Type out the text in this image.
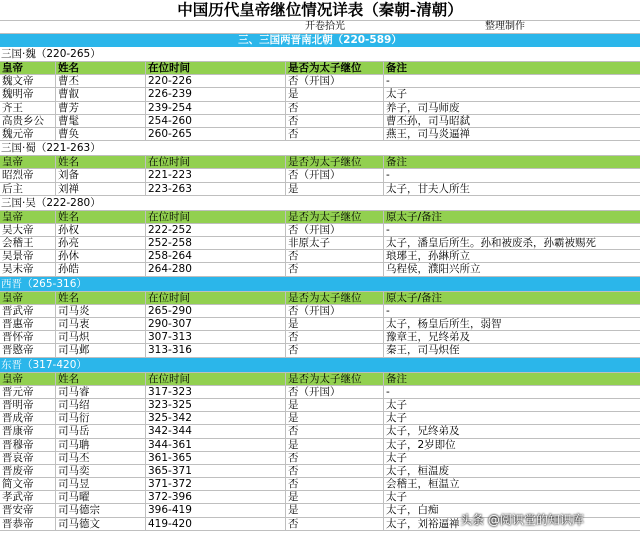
中国历代皇帝继位情况详表（秦朝-清朝）
开卷拾光	整理制作
三、三国两晋南北朝（220-589）
三国·魏（220-265）
皇帝	姓名	在位时间	是否为太子继位	备注
魏文帝	曹丕	220-226	否（开国）	-
魏明帝	曹叡	226-239	是	太子
齐王	曹芳	239-254	否	养子，司马师废
高贵乡公	曹髦	254-260	否	曹丕孙，司马昭弑
魏元帝	曹奂	260-265	否	燕王，司马炎逼禅
三国·蜀（221-263）
皇帝	姓名	在位时间	是否为太子继位	备注
昭烈帝	刘备	221-223	否（开国）	-
后主	刘禅	223-263	是	太子，甘夫人所生
三国·吴（222-280）
皇帝	姓名	在位时间	是否为太子继位	原太子/备注
吴大帝	孙权	222-252	否（开国）	-
会稽王	孙亮	252-258	非原太子	太子，潘皇后所生。孙和被废杀，孙霸被赐死
吴景帝	孙休	258-264	否	琅琊王，孙綝所立
吴末帝	孙皓	264-280	否	乌程侯，濮阳兴所立
西晋（265-316）
皇帝	姓名	在位时间	是否为太子继位	原太子/备注
晋武帝	司马炎	265-290	否（开国）	-
晋惠帝	司马衷	290-307	是	太子，杨皇后所生，弱智
晋怀帝	司马炽	307-313	否	豫章王，兄终弟及
晋愍帝	司马邺	313-316	否	秦王，司马炽侄
东晋（317-420）
皇帝	姓名	在位时间	是否为太子继位	备注
晋元帝	司马睿	317-323	否（开国）	-
晋明帝	司马绍	323-325	是	太子
晋成帝	司马衍	325-342	是	太子
晋康帝	司马岳	342-344	否	太子，兄终弟及
晋穆帝	司马聃	344-361	是	太子，2岁即位
晋哀帝	司马丕	361-365	否	太子
晋废帝	司马奕	365-371	否	太子，桓温废
简文帝	司马昱	371-372	否	会稽王，桓温立
孝武帝	司马曜	372-396	是	太子
晋安帝	司马德宗	396-419	是	太子，白痴
晋恭帝	司马德文	419-420	否	太子，刘裕逼禅 头条 @阅识堂的知识库
